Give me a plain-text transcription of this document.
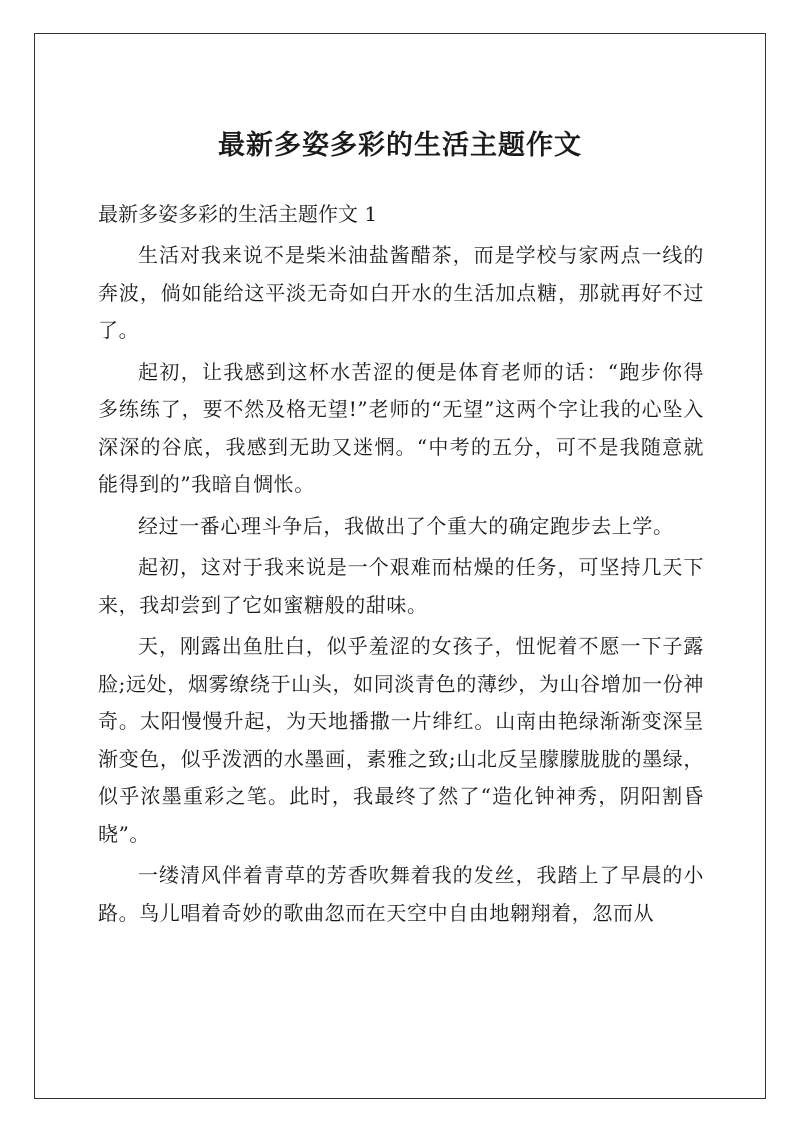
最新多姿多彩的生活主题作文

最新多姿多彩的生活主题作文 1

生活对我来说不是柴米油盐酱醋茶，而是学校与家两点一线的奔波，倘如能给这平淡无奇如白开水的生活加点糖，那就再好不过了。

起初，让我感到这杯水苦涩的便是体育老师的话：“跑步你得多练练了，要不然及格无望!”老师的“无望”这两个字让我的心坠入深深的谷底，我感到无助又迷惘。“中考的五分，可不是我随意就能得到的”我暗自惆怅。

经过一番心理斗争后，我做出了个重大的确定跑步去上学。

起初，这对于我来说是一个艰难而枯燥的任务，可坚持几天下来，我却尝到了它如蜜糖般的甜味。

天，刚露出鱼肚白，似乎羞涩的女孩子，忸怩着不愿一下子露脸;远处，烟雾缭绕于山头，如同淡青色的薄纱，为山谷增加一份神奇。太阳慢慢升起，为天地播撒一片绯红。山南由艳绿渐渐变深呈渐变色，似乎泼洒的水墨画，素雅之致;山北反呈朦朦胧胧的墨绿，似乎浓墨重彩之笔。此时，我最终了然了“造化钟神秀，阴阳割昏晓”。

一缕清风伴着青草的芳香吹舞着我的发丝，我踏上了早晨的小路。鸟儿唱着奇妙的歌曲忽而在天空中自由地翱翔着，忽而从
